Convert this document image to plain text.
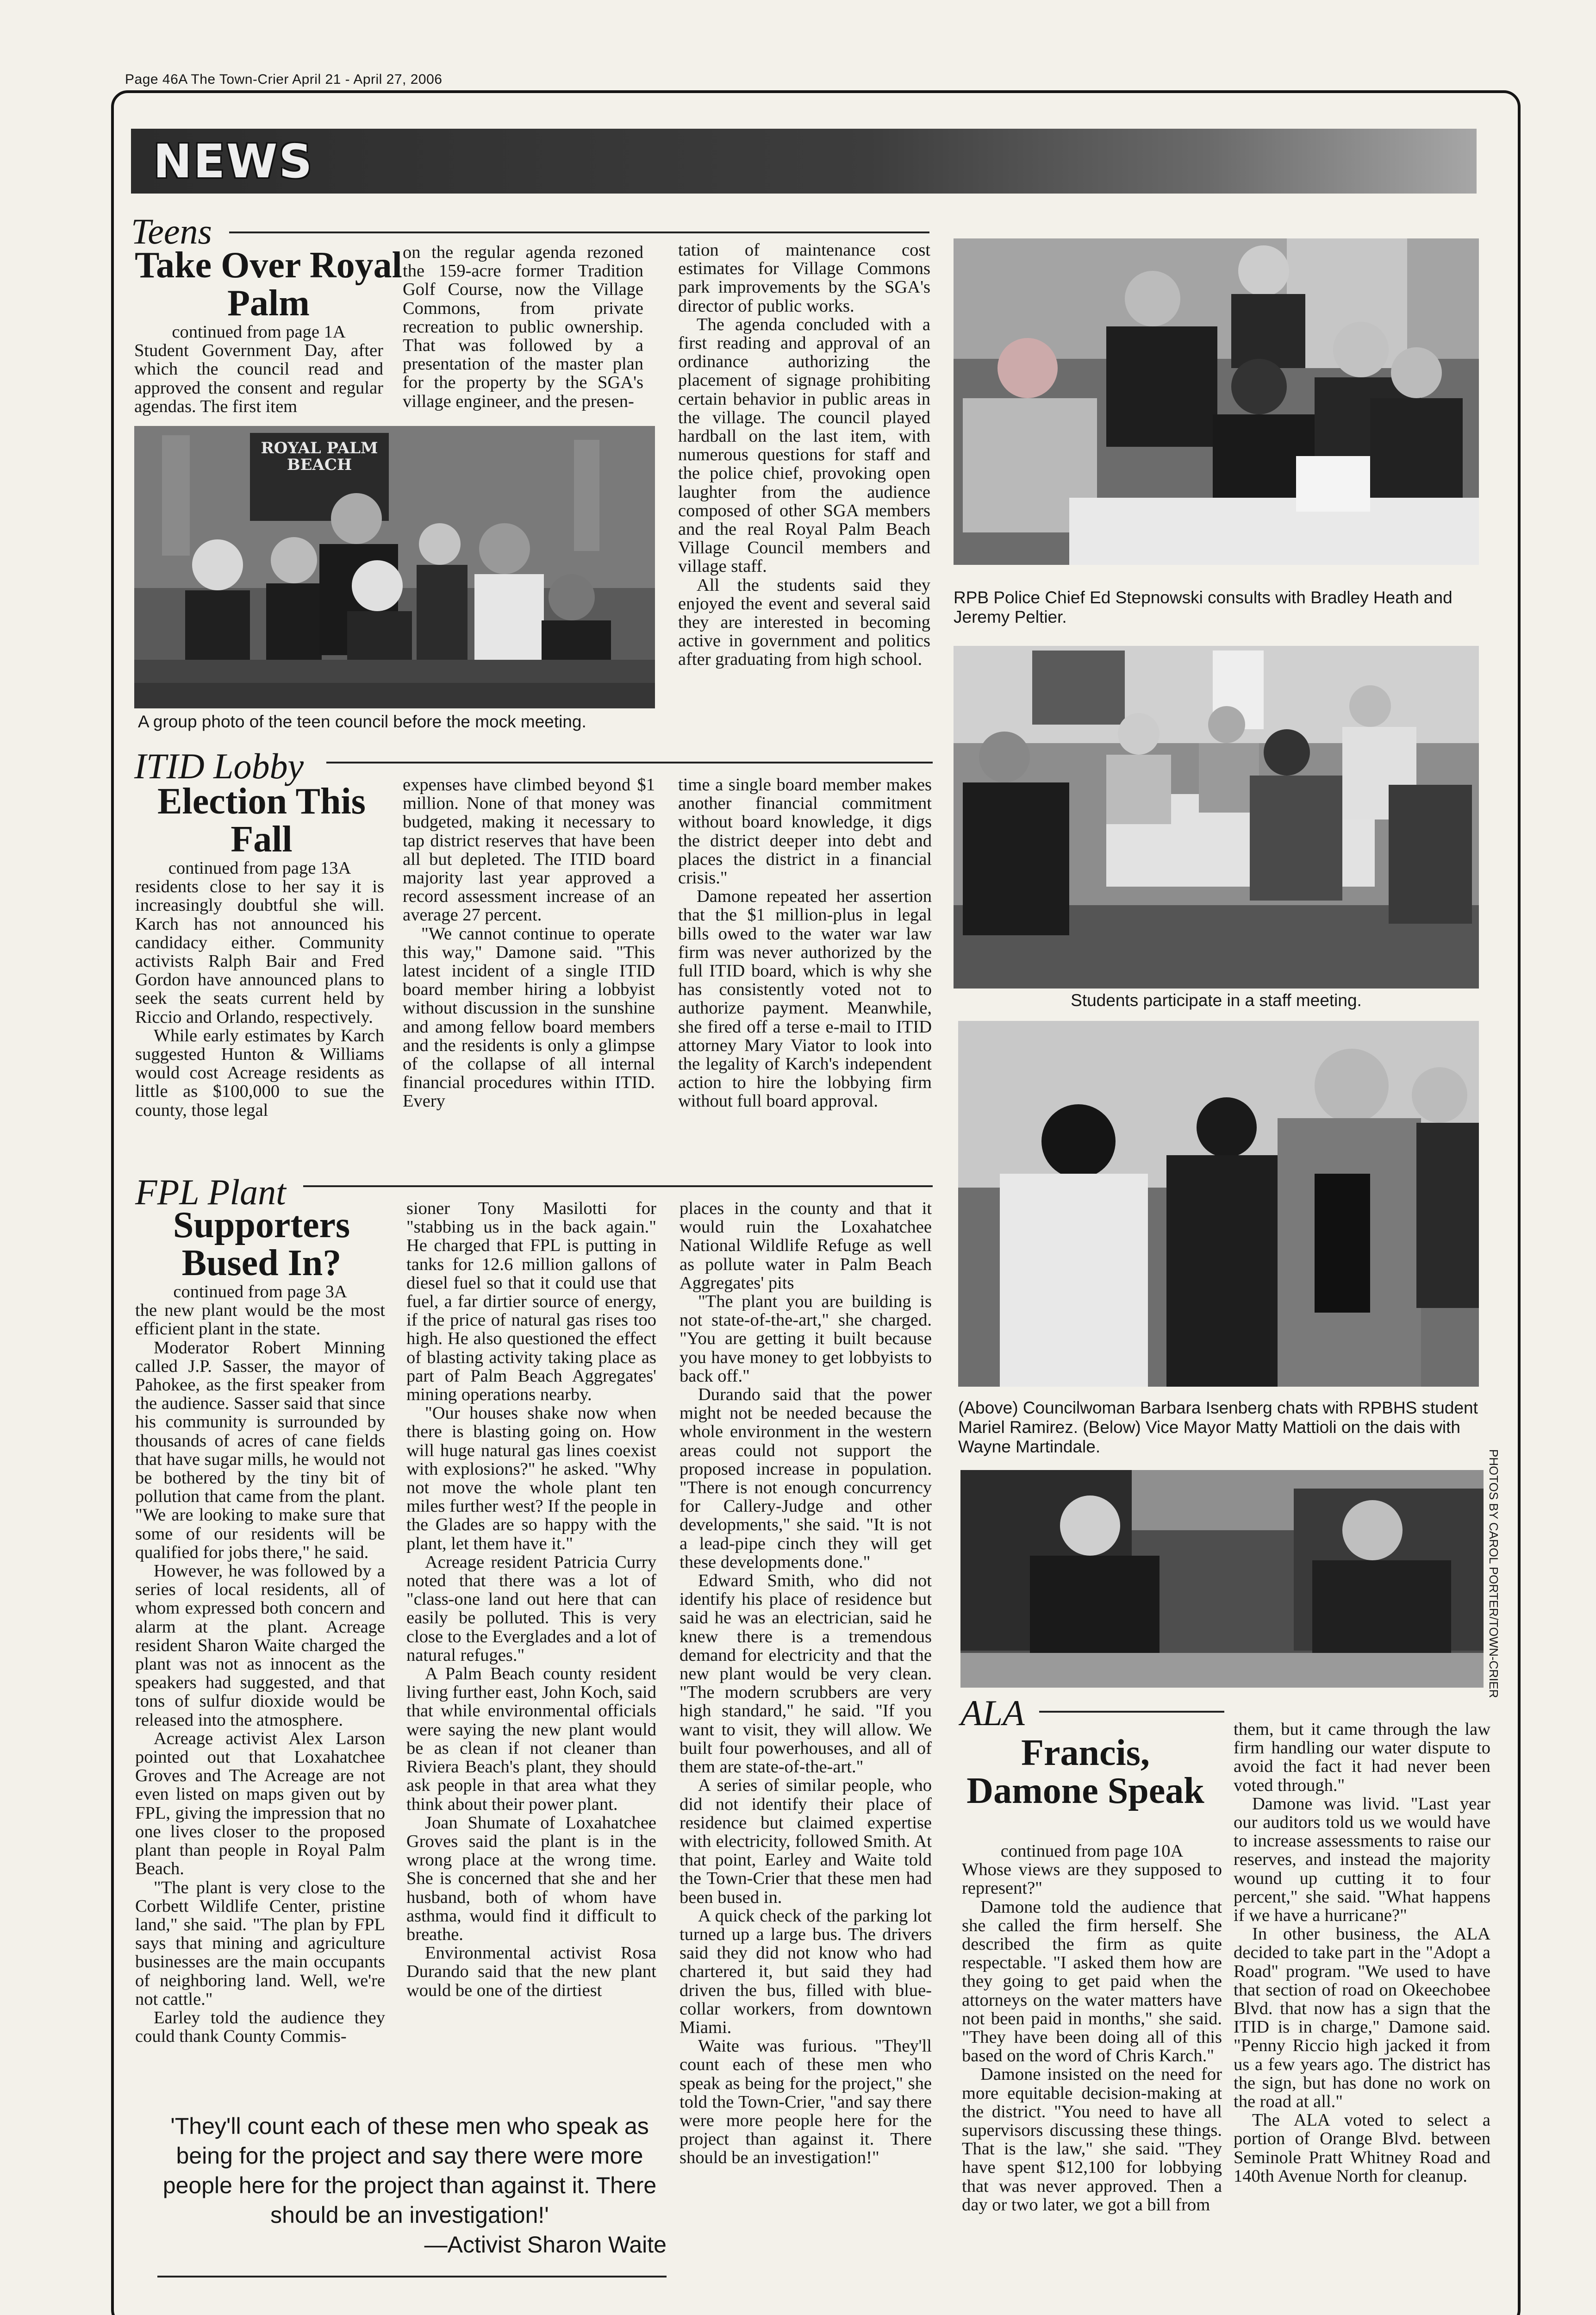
Page 46A The Town-Crier April 21 - April 27, 2006
NEWS
Teens
Take Over Royal Palm

continued from page 1A

Student Government Day, after which the council read and approved the consent and regular agendas. The first item

on the regular agenda rezoned the 159-acre former Tradition Golf Course, now the Village Commons, from private recreation to public ownership. That was followed by a presentation of the master plan for the property by the SGA's village engineer, and the presen-

tation of maintenance cost estimates for Village Commons park improvements by the SGA's director of public works.

The agenda concluded with a first reading and approval of an ordinance authorizing the placement of signage prohibiting certain behavior in public areas in the village. The council played hardball on the last item, with numerous questions for staff and the police chief, provoking open laughter from the audience composed of other SGA members and the real Royal Palm Beach Village Council members and village staff.

All the students said they enjoyed the event and several said they are interested in becoming active in government and politics after graduating from high school.

ROYAL PALM BEACH
A group photo of the teen council before the mock meeting.
RPB Police Chief Ed Stepnowski consults with Bradley Heath and Jeremy Peltier.
Students participate in a staff meeting.
(Above) Councilwoman Barbara Isenberg chats with RPBHS student Mariel Ramirez. (Below) Vice Mayor Matty Mattioli on the dais with Wayne Martindale.
PHOTOS BY CAROL PORTER/TOWN-CRIER
ITID Lobby
Election This Fall

continued from page 13A

residents close to her say it is increasingly doubtful she will. Karch has not announced his candidacy either. Community activists Ralph Bair and Fred Gordon have announced plans to seek the seats current held by Riccio and Orlando, respectively.

While early estimates by Karch suggested Hunton & Williams would cost Acreage residents as little as $100,000 to sue the county, those legal

expenses have climbed beyond $1 million. None of that money was budgeted, making it necessary to tap district reserves that have been all but depleted. The ITID board majority last year approved a record assessment increase of an average 27 percent.

"We cannot continue to operate this way," Damone said. "This latest incident of a single ITID board member hiring a lobbyist without discussion in the sunshine and among fellow board members and the residents is only a glimpse of the collapse of all internal financial procedures within ITID. Every

time a single board member makes another financial commitment without board knowledge, it digs the district deeper into debt and places the district in a financial crisis."

Damone repeated her assertion that the $1 million-plus in legal bills owed to the water war law firm was never authorized by the full ITID board, which is why she has consistently voted not to authorize payment. Meanwhile, she fired off a terse e-mail to ITID attorney Mary Viator to look into the legality of Karch's independent action to hire the lobbying firm without full board approval.

FPL Plant
Supporters Bused In?

continued from page 3A

the new plant would be the most efficient plant in the state.

Moderator Robert Minning called J.P. Sasser, the mayor of Pahokee, as the first speaker from the audience. Sasser said that since his community is surrounded by thousands of acres of cane fields that have sugar mills, he would not be bothered by the tiny bit of pollution that came from the plant. "We are looking to make sure that some of our residents will be qualified for jobs there," he said.

However, he was followed by a series of local residents, all of whom expressed both concern and alarm at the plant. Acreage resident Sharon Waite charged the plant was not as innocent as the speakers had suggested, and that tons of sulfur dioxide would be released into the atmosphere.

Acreage activist Alex Larson pointed out that Loxahatchee Groves and The Acreage are not even listed on maps given out by FPL, giving the impression that no one lives closer to the proposed plant than people in Royal Palm Beach.

"The plant is very close to the Corbett Wildlife Center, pristine land," she said. "The plan by FPL says that mining and agriculture businesses are the main occupants of neighboring land. Well, we're not cattle."

Earley told the audience they could thank County Commis-

sioner Tony Masilotti for "stabbing us in the back again." He charged that FPL is putting in tanks for 12.6 million gallons of diesel fuel so that it could use that fuel, a far dirtier source of energy, if the price of natural gas rises too high. He also questioned the effect of blasting activity taking place as part of Palm Beach Aggregates' mining operations nearby.

"Our houses shake now when there is blasting going on. How will huge natural gas lines coexist with explosions?" he asked. "Why not move the whole plant ten miles further west? If the people in the Glades are so happy with the plant, let them have it."

Acreage resident Patricia Curry noted that there was a lot of "class-one land out here that can easily be polluted. This is very close to the Everglades and a lot of natural refuges."

A Palm Beach county resident living further east, John Koch, said that while environmental officials were saying the new plant would be as clean if not cleaner than Riviera Beach's plant, they should ask people in that area what they think about their power plant.

Joan Shumate of Loxahatchee Groves said the plant is in the wrong place at the wrong time. She is concerned that she and her husband, both of whom have asthma, would find it difficult to breathe.

Environmental activist Rosa Durando said that the new plant would be one of the dirtiest

places in the county and that it would ruin the Loxahatchee National Wildlife Refuge as well as pollute water in Palm Beach Aggregates' pits

"The plant you are building is not state-of-the-art," she charged. "You are getting it built because you have money to get lobbyists to back off."

Durando said that the power might not be needed because the whole environment in the western areas could not support the proposed increase in population. "There is not enough concurrency for Callery-Judge and other developments," she said. "It is not a lead-pipe cinch they will get these developments done."

Edward Smith, who did not identify his place of residence but said he was an electrician, said he knew there is a tremendous demand for electricity and that the new plant would be very clean. "The modern scrubbers are very high standard," he said. "If you want to visit, they will allow. We built four powerhouses, and all of them are state-of-the-art."

A series of similar people, who did not identify their place of residence but claimed expertise with electricity, followed Smith. At that point, Earley and Waite told the Town-Crier that these men had been bused in.

A quick check of the parking lot turned up a large bus. The drivers said they did not know who had chartered it, but said they had driven the bus, filled with blue-collar workers, from downtown Miami.

Waite was furious. "They'll count each of these men who speak as being for the project," she told the Town-Crier, "and say there were more people here for the project than against it. There should be an investigation!"

'They'll count each of these men who speak as being for the project and say there were more people here for the project than against it. There should be an investigation!'
—Activist Sharon Waite
ALA
Francis, Damone Speak

continued from page 10A

Whose views are they supposed to represent?"

Damone told the audience that she called the firm herself. She described the firm as quite respectable. "I asked them how are they going to get paid when the attorneys on the water matters have not been paid in months," she said. "They have been doing all of this based on the word of Chris Karch."

Damone insisted on the need for more equitable decision-making at the district. "You need to have all supervisors discussing these things. That is the law," she said. "They have spent $12,100 for lobbying that was never approved. Then a day or two later, we got a bill from

them, but it came through the law firm handling our water dispute to avoid the fact it had never been voted through."

Damone was livid. "Last year our auditors told us we would have to increase assessments to raise our reserves, and instead the majority wound up cutting it to four percent," she said. "What happens if we have a hurricane?"

In other business, the ALA decided to take part in the "Adopt a Road" program. "We used to have that section of road on Okeechobee Blvd. that now has a sign that the ITID is in charge," Damone said. "Penny Riccio high jacked it from us a few years ago. The district has the sign, but has done no work on the road at all."

The ALA voted to select a portion of Orange Blvd. between Seminole Pratt Whitney Road and 140th Avenue North for cleanup.
